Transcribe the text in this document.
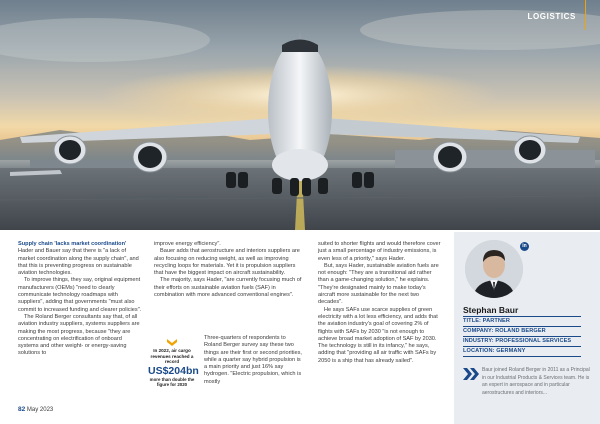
LOGISTICS

Supply chain 'lacks market coordination'

Hader and Bauer say that there is "a lack of market coordination along the supply chain", and that this is preventing progress on sustainable aviation technologies.

To improve things, they say, original equipment manufacturers (OEMs) "need to clearly communicate technology roadmaps with suppliers", adding that governments "must also commit to increased funding and clearer policies".

The Roland Berger consultants say that, of all aviation industry suppliers, systems suppliers are making the most progress, because "they are concentrating on electrification of onboard systems and other weight- or energy-saving solutions to

improve energy efficiency".

Bauer adds that aerostructure and interiors suppliers are also focusing on reducing weight, as well as improving recycling loops for materials. Yet it is propulsion suppliers that have the biggest impact on aircraft sustainability.

The majority, says Hader, "are currently focusing much of their efforts on sustainable aviation fuels (SAF) in combination with more advanced conventional engines".

In 2022, air cargo revenues reached a record
US$204bn
more than double the figure for 2020

Three-quarters of respondents to Roland Berger survey say these two things are their first or second priorities, while a quarter say hybrid propulsion is a main priority and just 16% say hydrogen. "Electric propulsion, which is mostly

suited to shorter flights and would therefore cover just a small percentage of industry emissions, is even less of a priority," says Hader.

But, says Hader, sustainable aviation fuels are not enough: "They are a transitional aid rather than a game-changing solution," he explains. "They're designated mainly to make today's aircraft more sustainable for the next two decades".

He says SAFs use scarce supplies of green electricity with a lot less efficiency, and adds that the aviation industry's goal of covering 2% of flights with SAFs by 2030 "is not enough to achieve broad market adoption of SAF by 2030. The technology is still in its infancy," he says, adding that "providing all air traffic with SAFs by 2050 is a ship that has already sailed".

82 May 2023
in
Stephan Baur
TITLE: PARTNER
COMPANY: ROLAND BERGER
INDUSTRY: PROFESSIONAL SERVICES
LOCATION: GERMANY
Baur joined Roland Berger in 2011 as a Principal in our Industrial Products & Services team. He is an expert in aerospace and in particular aerostructures and interiors...
